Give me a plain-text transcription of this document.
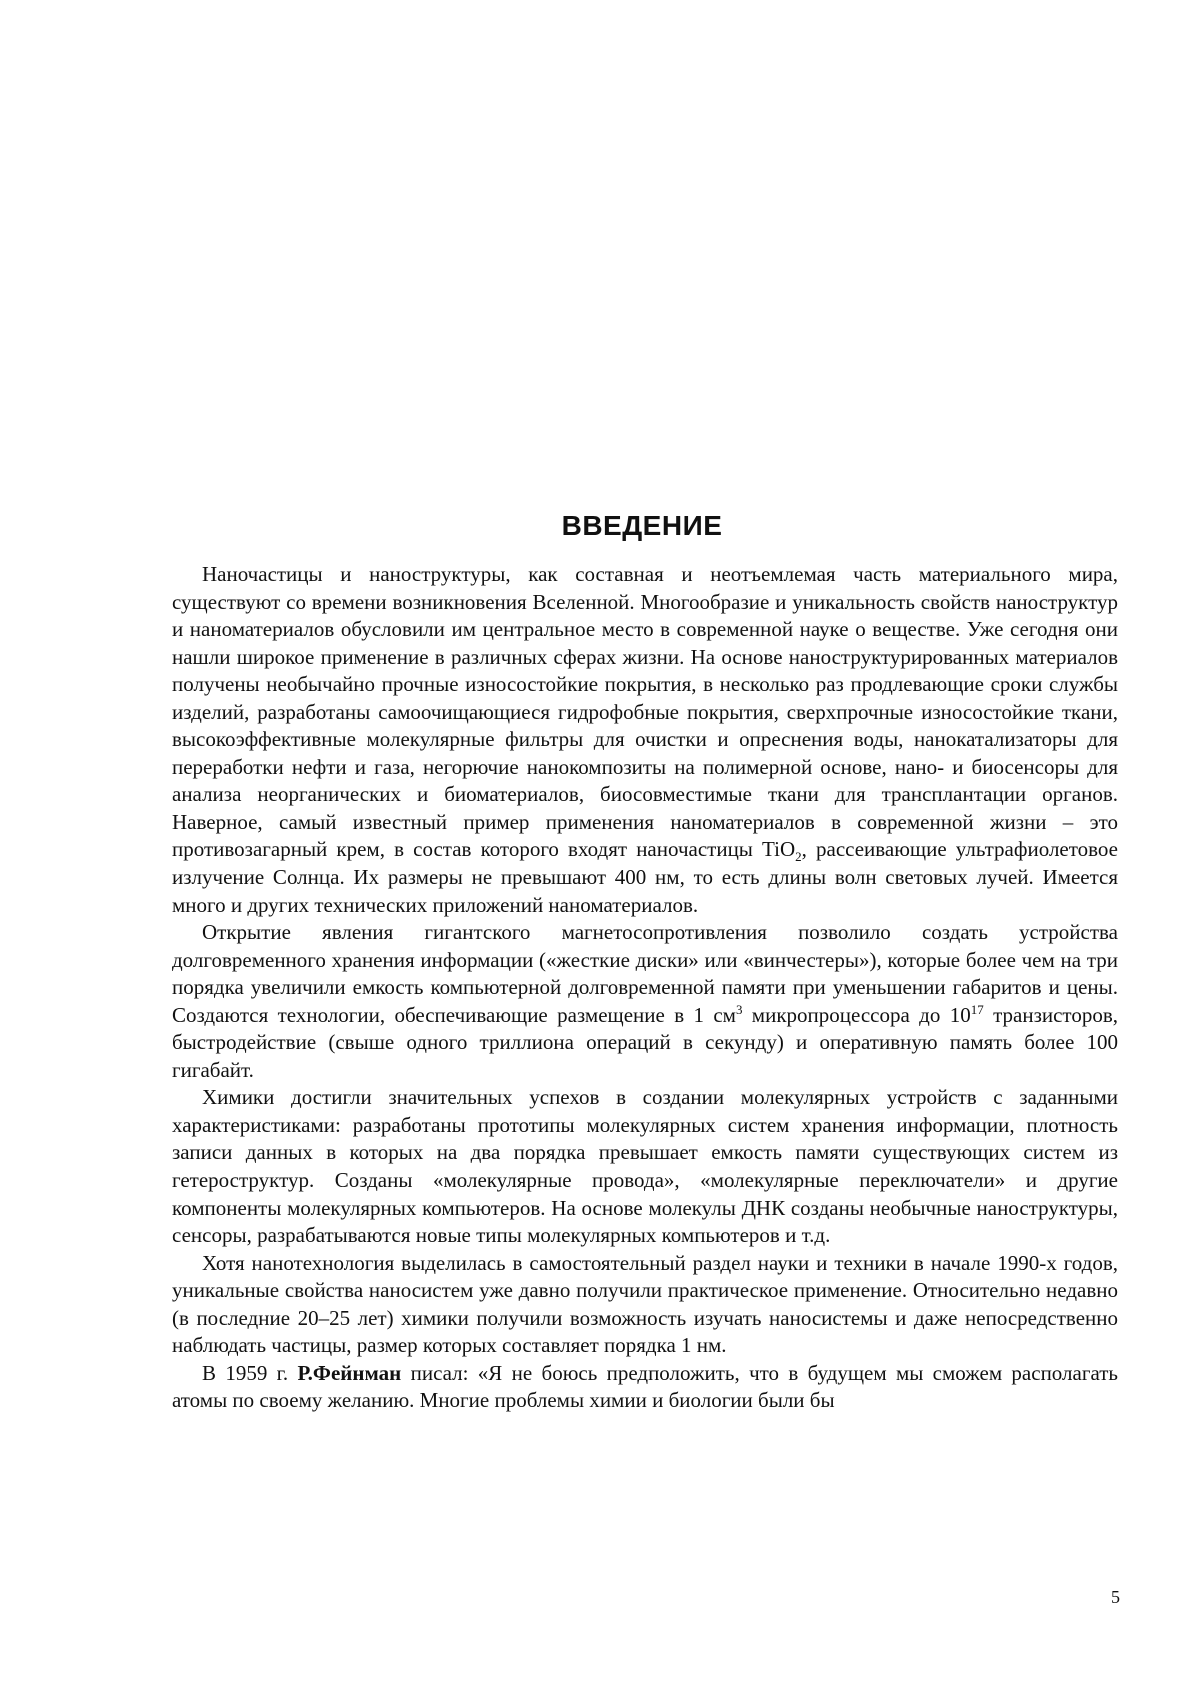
ВВЕДЕНИЕ

Наночастицы и наноструктуры, как составная и неотъемлемая часть материального мира, существуют со времени возникновения Вселенной. Многообразие и уникальность свойств наноструктур и наноматериалов обусловили им центральное место в современной науке о веществе. Уже сегодня они нашли широкое применение в различных сферах жизни. На основе наноструктурированных материалов получены необычайно прочные износостойкие покрытия, в несколько раз продлевающие сроки службы изделий, разработаны самоочищающиеся гидрофобные покрытия, сверхпрочные износостойкие ткани, высокоэффективные молекулярные фильтры для очистки и опреснения воды, нанокатализаторы для переработки нефти и газа, негорючие нанокомпозиты на полимерной основе, нано- и биосенсоры для анализа неорганических и биоматериалов, биосовместимые ткани для трансплантации органов. Наверное, самый известный пример применения наноматериалов в современной жизни – это противозагарный крем, в состав которого входят наночастицы TiO$_2$, рассеивающие ультрафиолетовое излучение Солнца. Их размеры не превышают 400 нм, то есть длины волн световых лучей. Имеется много и других технических приложений наноматериалов.

Открытие явления гигантского магнетосопротивления позволило создать устройства долговременного хранения информации («жесткие диски» или «винчестеры»), которые более чем на три порядка увеличили емкость компьютерной долговременной памяти при уменьшении габаритов и цены. Создаются технологии, обеспечивающие размещение в 1 $см^3$ микропроцессора до $10^{17}$ транзисторов, быстродействие (свыше одного триллиона операций в секунду) и оперативную память более 100 гигабайт.

Химики достигли значительных успехов в создании молекулярных устройств с заданными характеристиками: разработаны прототипы молекулярных систем хранения информации, плотность записи данных в которых на два порядка превышает емкость памяти существующих систем из гетероструктур. Созданы «молекулярные провода», «молекулярные переключатели» и другие компоненты молекулярных компьютеров. На основе молекулы ДНК созданы необычные наноструктуры, сенсоры, разрабатываются новые типы молекулярных компьютеров и т.д.

Хотя нанотехнология выделилась в самостоятельный раздел науки и техники в начале 1990-х годов, уникальные свойства наносистем уже давно получили практическое применение. Относительно недавно (в последние 20–25 лет) химики получили возможность изучать наносистемы и даже непосредственно наблюдать частицы, размер которых составляет порядка 1 нм.

В 1959 г. Р.Фейнман писал: «Я не боюсь предположить, что в будущем мы сможем располагать атомы по своему желанию. Многие проблемы химии и биологии были бы

5
